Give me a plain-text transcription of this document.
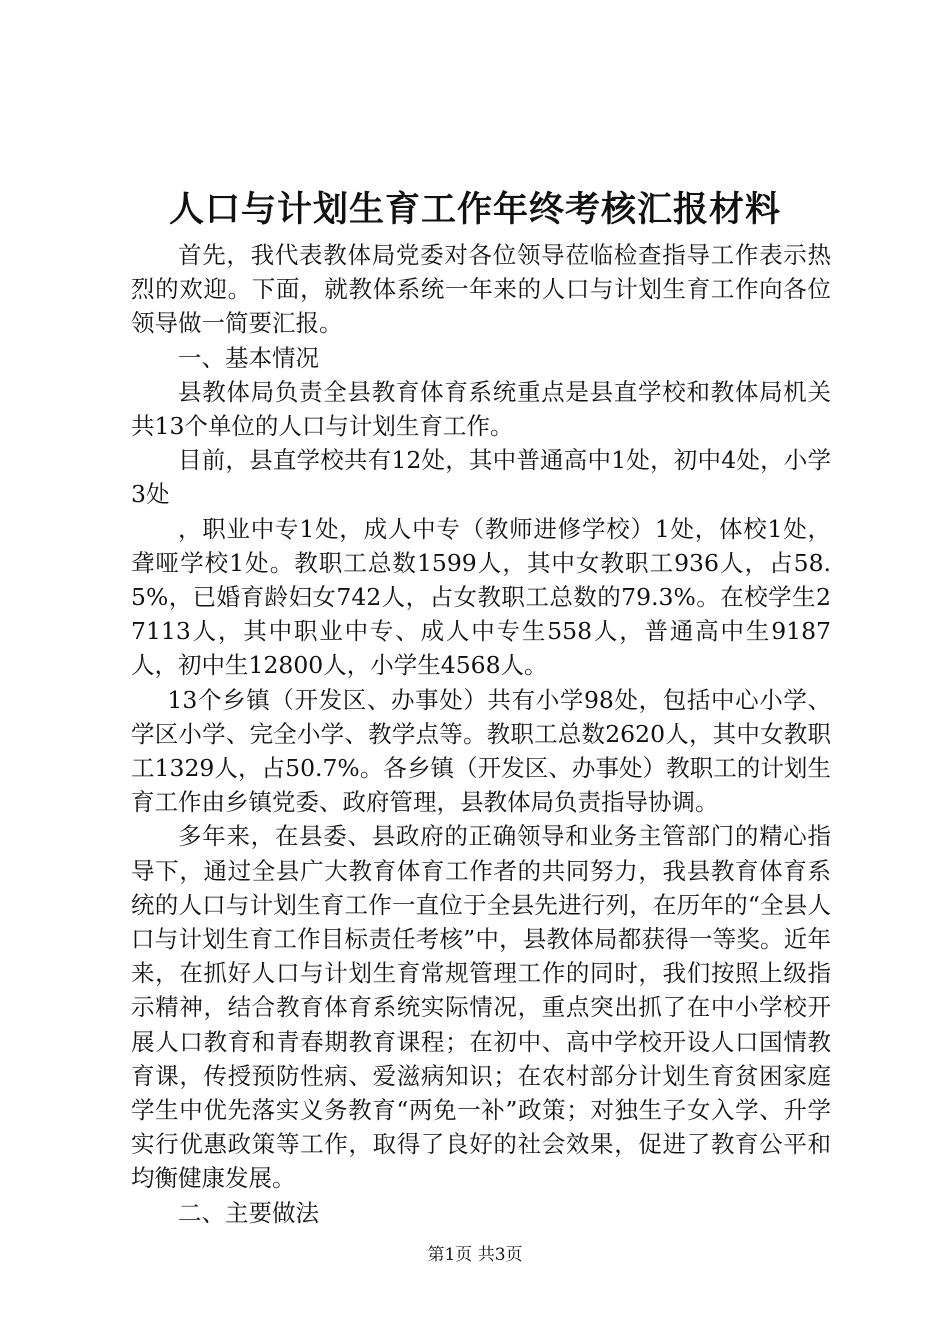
人口与计划生育工作年终考核汇报材料

首先，我代表教体局党委对各位领导莅临检查指导工作表示热烈的欢迎。下面，就教体系统一年来的人口与计划生育工作向各位领导做一简要汇报。

一、基本情况

县教体局负责全县教育体育系统重点是县直学校和教体局机关共13个单位的人口与计划生育工作。

目前，县直学校共有12处，其中普通高中1处，初中4处，小学3处

，职业中专1处，成人中专（教师进修学校）1处，体校1处，聋哑学校1处。教职工总数1599人，其中女教职工936人，占58.5%，已婚育龄妇女742人，占女教职工总数的79.3%。在校学生27113人，其中职业中专、成人中专生558人，普通高中生9187人，初中生12800人，小学生4568人。

13个乡镇（开发区、办事处）共有小学98处，包括中心小学、学区小学、完全小学、教学点等。教职工总数2620人，其中女教职工1329人，占50.7%。各乡镇（开发区、办事处）教职工的计划生育工作由乡镇党委、政府管理，县教体局负责指导协调。

多年来，在县委、县政府的正确领导和业务主管部门的精心指导下，通过全县广大教育体育工作者的共同努力，我县教育体育系统的人口与计划生育工作一直位于全县先进行列，在历年的“全县人口与计划生育工作目标责任考核”中，县教体局都获得一等奖。近年来，在抓好人口与计划生育常规管理工作的同时，我们按照上级指示精神，结合教育体育系统实际情况，重点突出抓了在中小学校开展人口教育和青春期教育课程；在初中、高中学校开设人口国情教育课，传授预防性病、爱滋病知识；在农村部分计划生育贫困家庭学生中优先落实义务教育“两免一补”政策；对独生子女入学、升学实行优惠政策等工作，取得了良好的社会效果，促进了教育公平和均衡健康发展。

二、主要做法

第1页 共3页
